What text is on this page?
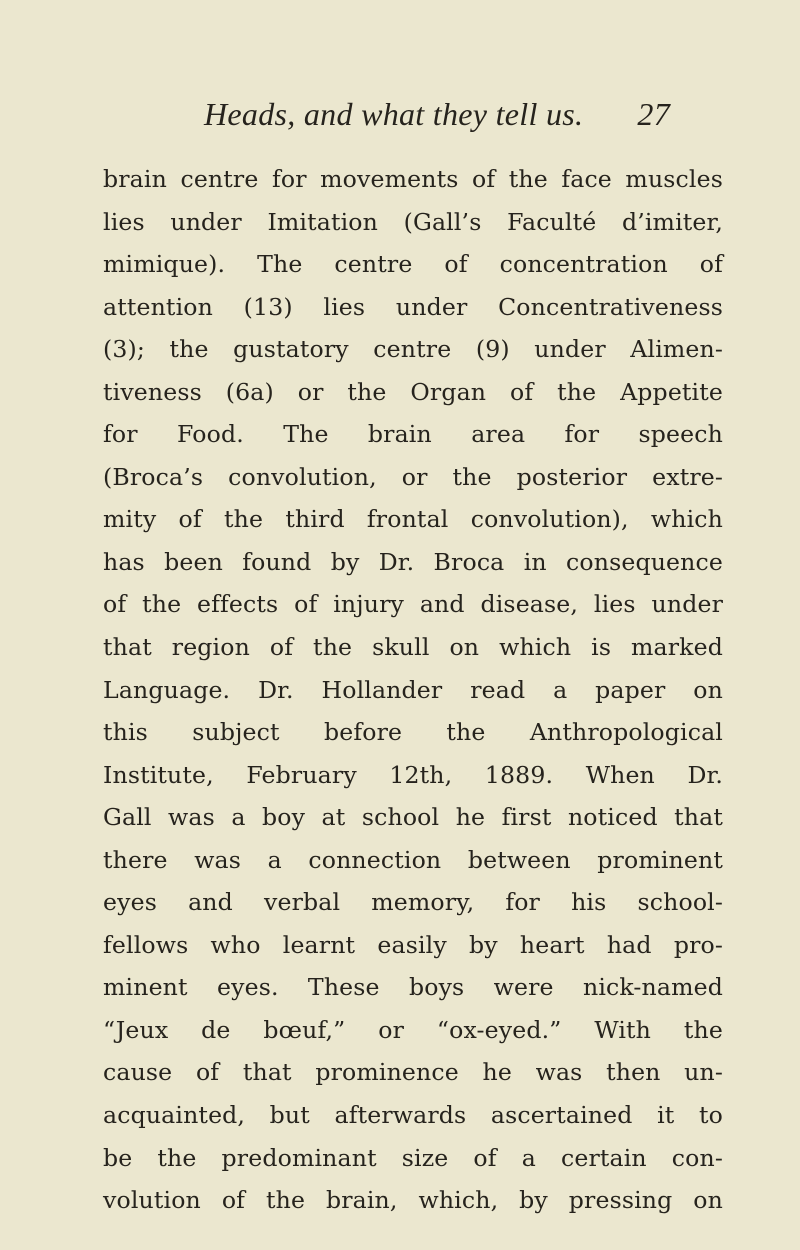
Heads, and what they tell us. 27
brain centre for movements of the face muscles
lies under Imitation (Gall’s Faculté d’imiter,
mimique). The centre of concentration of
attention (13) lies under Concentrativeness
(3); the gustatory centre (9) under Alimen-
tiveness (6a) or the Organ of the Appetite
for Food. The brain area for speech
(Broca’s convolution, or the posterior extre-
mity of the third frontal convolution), which
has been found by Dr. Broca in consequence
of the effects of injury and disease, lies under
that region of the skull on which is marked
Language. Dr. Hollander read a paper on
this subject before the Anthropological
Institute, February 12th, 1889. When Dr.
Gall was a boy at school he first noticed that
there was a connection between prominent
eyes and verbal memory, for his school-
fellows who learnt easily by heart had pro-
minent eyes. These boys were nick-named
“Jeux de bœuf,” or “ox-eyed.” With the
cause of that prominence he was then un-
acquainted, but afterwards ascertained it to
be the predominant size of a certain con-
volution of the brain, which, by pressing on
